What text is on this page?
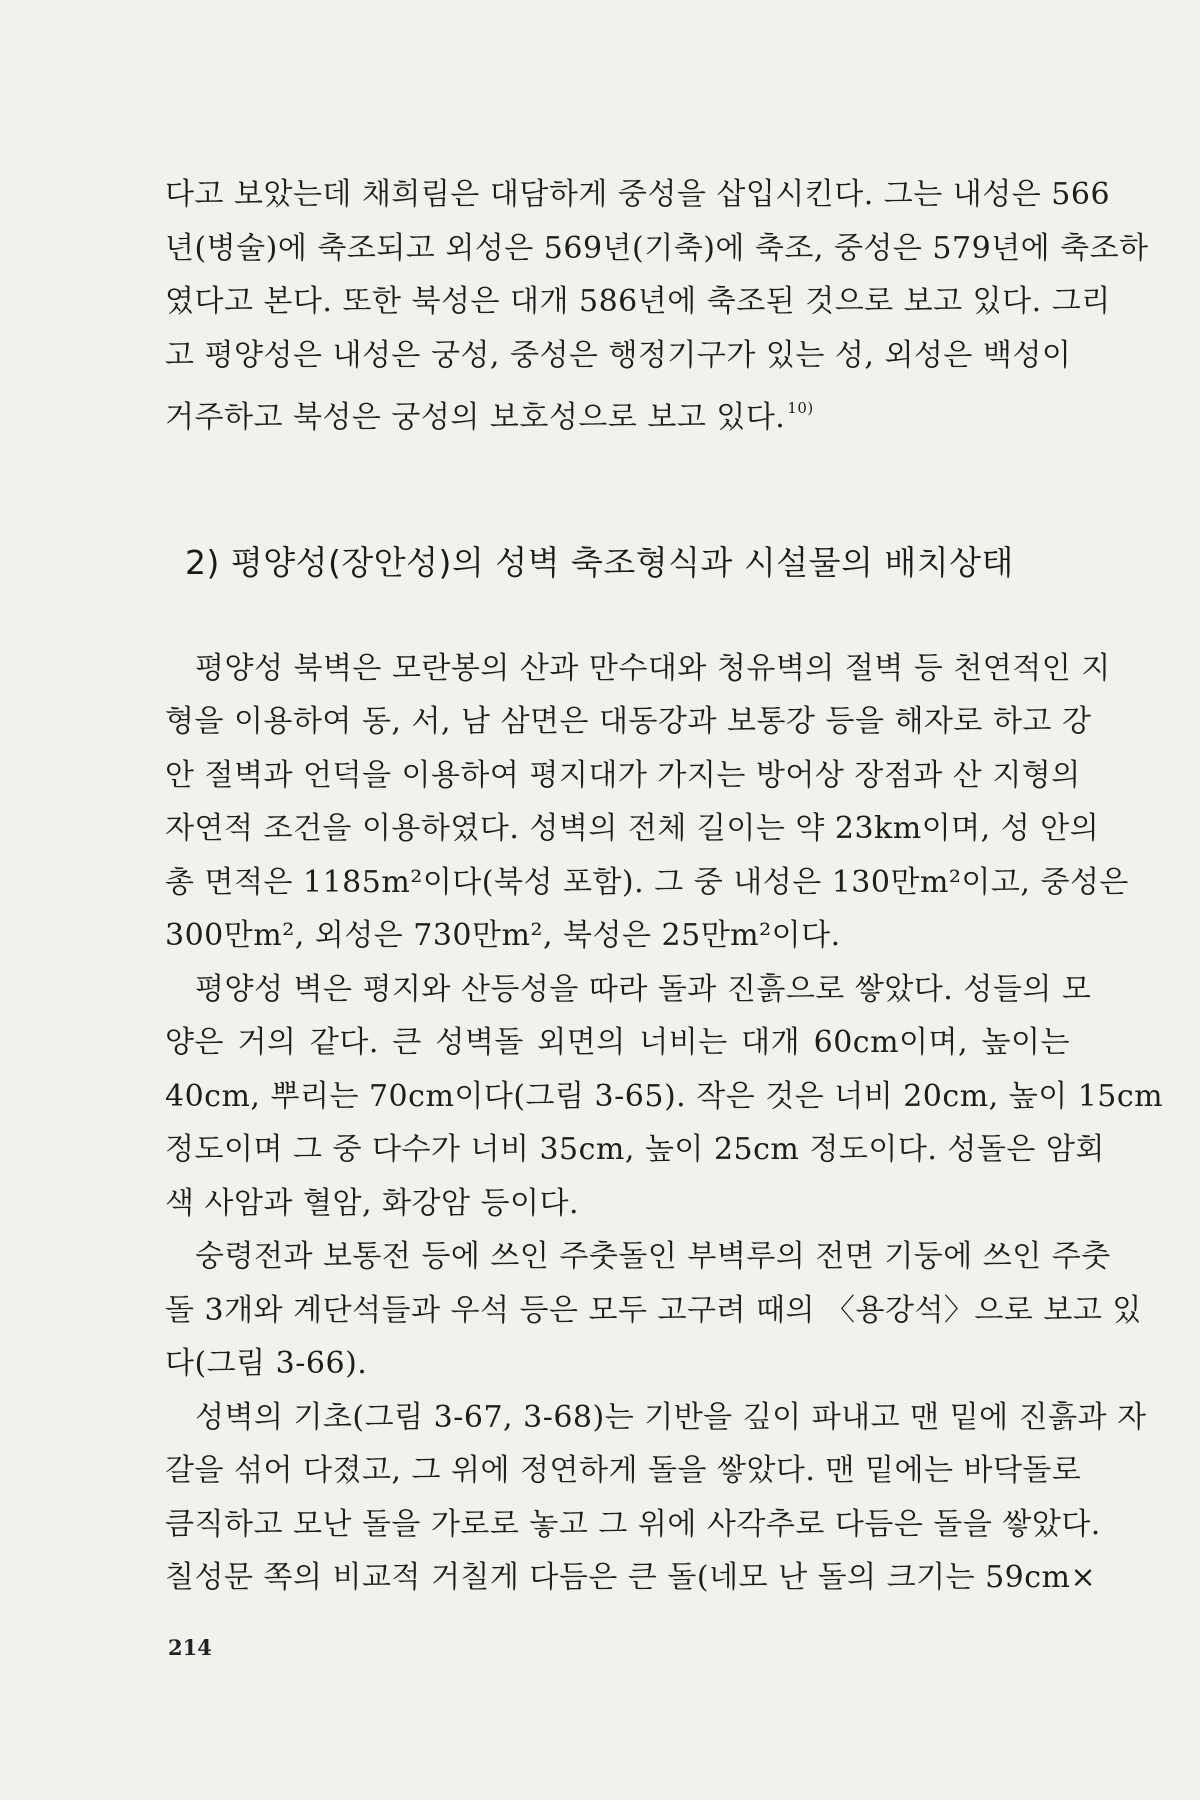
다고 보았는데 채희림은 대담하게 중성을 삽입시킨다. 그는 내성은 566
년(병술)에 축조되고 외성은 569년(기축)에 축조, 중성은 579년에 축조하
였다고 본다. 또한 북성은 대개 586년에 축조된 것으로 보고 있다. 그리
고 평양성은 내성은 궁성, 중성은 행정기구가 있는 성, 외성은 백성이
거주하고 북성은 궁성의 보호성으로 보고 있다. $^{10)}$

2) 평양성(장안성)의 성벽 축조형식과 시설물의 배치상태

평양성 북벽은 모란봉의 산과 만수대와 청유벽의 절벽 등 천연적인 지
형을 이용하여 동, 서, 남 삼면은 대동강과 보통강 등을 해자로 하고 강
안 절벽과 언덕을 이용하여 평지대가 가지는 방어상 장점과 산 지형의
자연적 조건을 이용하였다. 성벽의 전체 길이는 약 23km이며, 성 안의
총 면적은 1185m²이다(북성 포함). 그 중 내성은 130만m²이고, 중성은
300만m², 외성은 730만m², 북성은 25만m²이다.

평양성 벽은 평지와 산등성을 따라 돌과 진흙으로 쌓았다. 성들의 모
양은 거의 같다. 큰 성벽돌 외면의 너비는 대개 60cm이며, 높이는
40cm, 뿌리는 70cm이다(그림 3-65). 작은 것은 너비 20cm, 높이 15cm
정도이며 그 중 다수가 너비 35cm, 높이 25cm 정도이다. 성돌은 암회
색 사암과 혈암, 화강암 등이다.

숭령전과 보통전 등에 쓰인 주춧돌인 부벽루의 전면 기둥에 쓰인 주춧
돌 3개와 계단석들과 우석 등은 모두 고구려 때의 〈용강석〉으로 보고 있
다(그림 3-66).

성벽의 기초(그림 3-67, 3-68)는 기반을 깊이 파내고 맨 밑에 진흙과 자
갈을 섞어 다졌고, 그 위에 정연하게 돌을 쌓았다. 맨 밑에는 바닥돌로
큼직하고 모난 돌을 가로로 놓고 그 위에 사각추로 다듬은 돌을 쌓았다.
칠성문 쪽의 비교적 거칠게 다듬은 큰 돌(네모 난 돌의 크기는 59cm×

214
